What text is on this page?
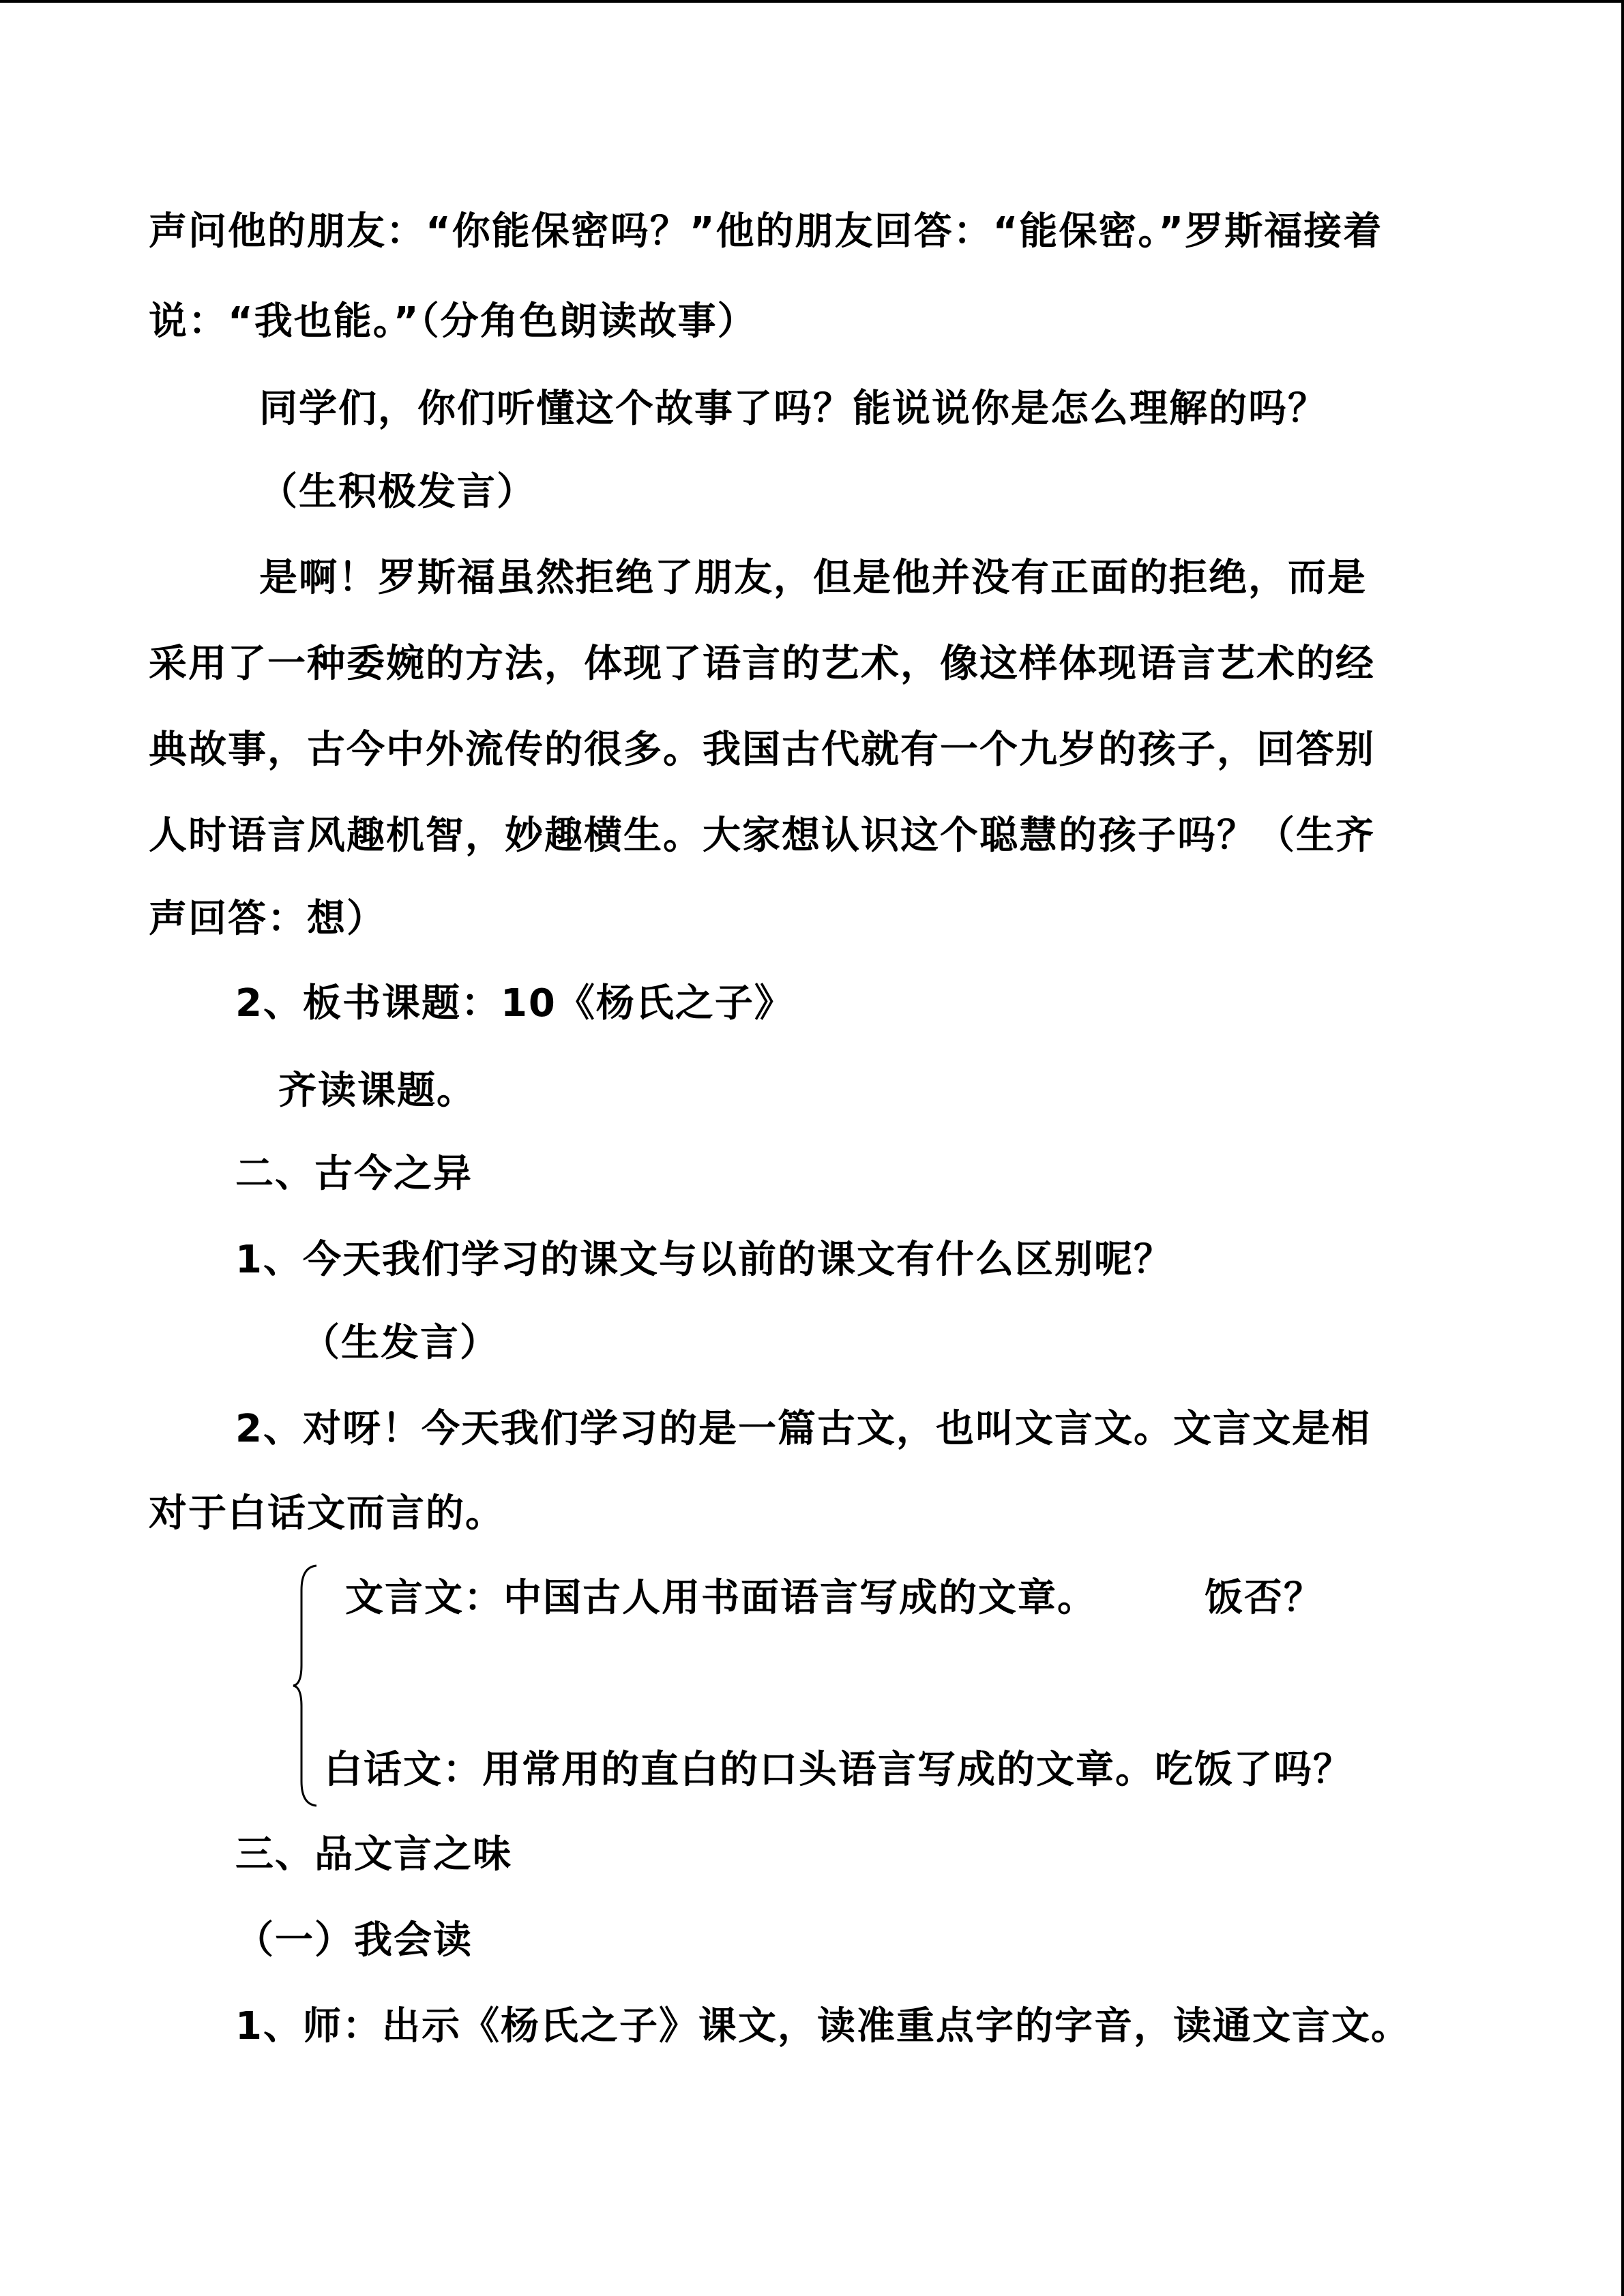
声问他的朋友：“你能保密吗？”他的朋友回答：“能保密。”罗斯福接着
说：“我也能。”（分角色朗读故事）
同学们，你们听懂这个故事了吗？能说说你是怎么理解的吗？
（生积极发言）
是啊！罗斯福虽然拒绝了朋友，但是他并没有正面的拒绝，而是
采用了一种委婉的方法，体现了语言的艺术，像这样体现语言艺术的经
典故事，古今中外流传的很多。我国古代就有一个九岁的孩子，回答别
人时语言风趣机智，妙趣横生。大家想认识这个聪慧的孩子吗？（生齐
声回答：想）
2、板书课题：10《杨氏之子》
齐读课题。
二、古今之异
1、今天我们学习的课文与以前的课文有什么区别呢？
（生发言）
2、对呀！今天我们学习的是一篇古文，也叫文言文。文言文是相
对于白话文而言的。
文言文：中国古人用书面语言写成的文章。	饭否？
白话文：用常用的直白的口头语言写成的文章。吃饭了吗？
三、品文言之味
（一）我会读
1、师：出示《杨氏之子》课文，读准重点字的字音，读通文言文。
